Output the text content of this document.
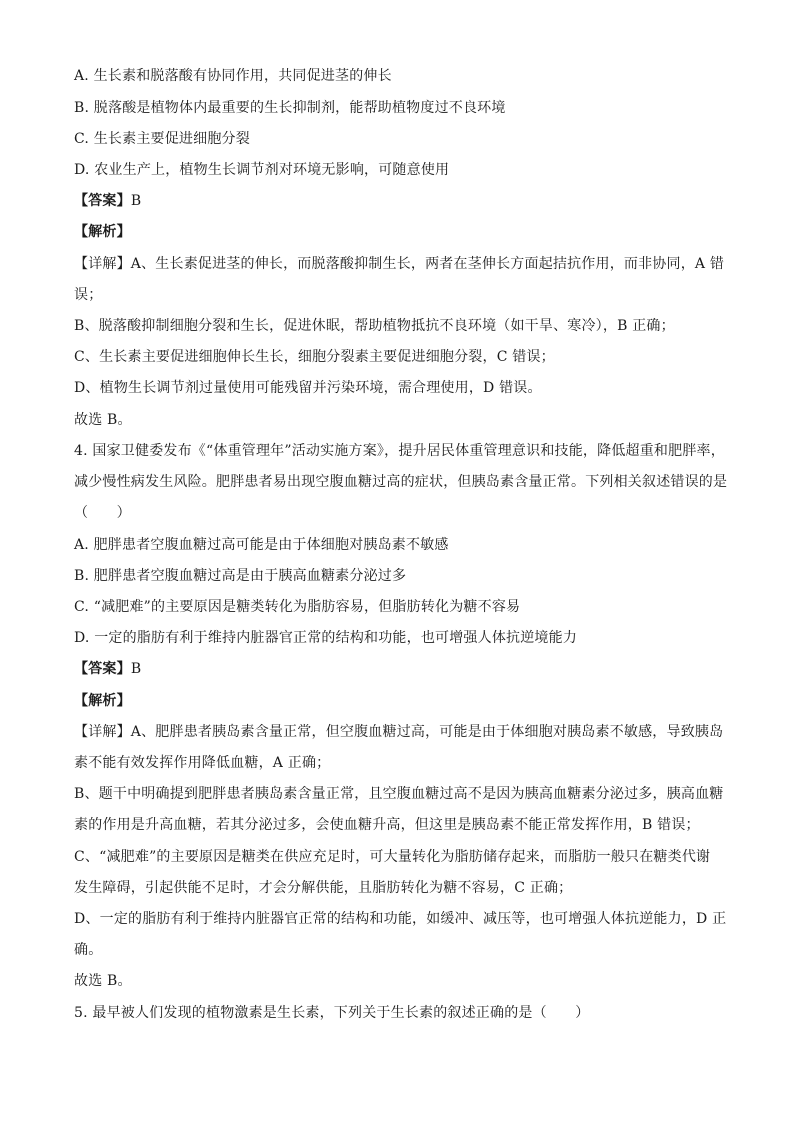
A. 生长素和脱落酸有协同作用，共同促进茎的伸长
B. 脱落酸是植物体内最重要的生长抑制剂，能帮助植物度过不良环境
C. 生长素主要促进细胞分裂
D. 农业生产上，植物生长调节剂对环境无影响，可随意使用
【答案】B
【解析】
【详解】A、生长素促进茎的伸长，而脱落酸抑制生长，两者在茎伸长方面起拮抗作用，而非协同，A 错
误；
B、脱落酸抑制细胞分裂和生长，促进休眠，帮助植物抵抗不良环境（如干旱、寒冷），B 正确；
C、生长素主要促进细胞伸长生长，细胞分裂素主要促进细胞分裂，C 错误；
D、植物生长调节剂过量使用可能残留并污染环境，需合理使用，D 错误。
故选 B。
4. 国家卫健委发布《“体重管理年”活动实施方案》，提升居民体重管理意识和技能，降低超重和肥胖率，
减少慢性病发生风险。肥胖患者易出现空腹血糖过高的症状，但胰岛素含量正常。下列相关叙述错误的是
（　　）
A. 肥胖患者空腹血糖过高可能是由于体细胞对胰岛素不敏感
B. 肥胖患者空腹血糖过高是由于胰高血糖素分泌过多
C. “减肥难”的主要原因是糖类转化为脂肪容易，但脂肪转化为糖不容易
D. 一定的脂肪有利于维持内脏器官正常的结构和功能，也可增强人体抗逆境能力
【答案】B
【解析】
【详解】A、肥胖患者胰岛素含量正常，但空腹血糖过高，可能是由于体细胞对胰岛素不敏感，导致胰岛
素不能有效发挥作用降低血糖，A 正确；
B、题干中明确提到肥胖患者胰岛素含量正常，且空腹血糖过高不是因为胰高血糖素分泌过多，胰高血糖
素的作用是升高血糖，若其分泌过多，会使血糖升高，但这里是胰岛素不能正常发挥作用，B 错误；
C、“减肥难”的主要原因是糖类在供应充足时，可大量转化为脂肪储存起来，而脂肪一般只在糖类代谢
发生障碍，引起供能不足时，才会分解供能，且脂肪转化为糖不容易，C 正确；
D、一定的脂肪有利于维持内脏器官正常的结构和功能，如缓冲、减压等，也可增强人体抗逆能力，D 正
确。
故选 B。
5. 最早被人们发现的植物激素是生长素，下列关于生长素的叙述正确的是（　　）
